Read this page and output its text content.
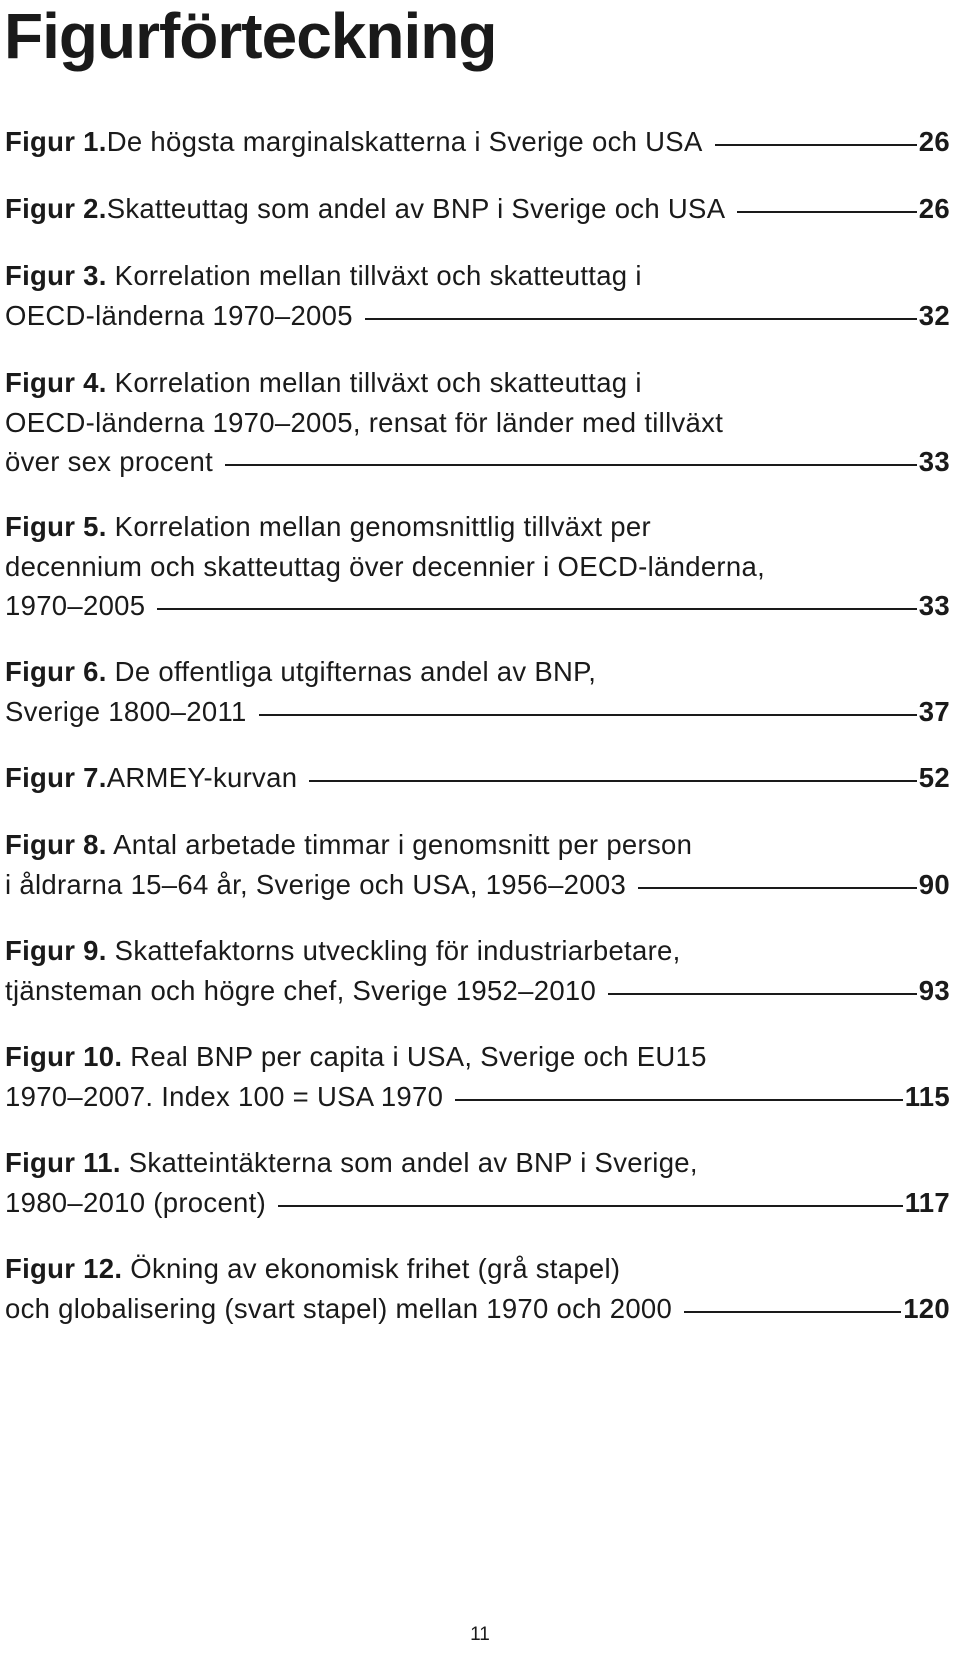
Figurförteckning
Figur 1. De högsta marginalskatterna i Sverige och USA	26
Figur 2. Skatteuttag som andel av BNP i Sverige och USA	26
Figur 3. Korrelation mellan tillväxt och skatteuttag i
OECD-länderna 1970–2005	32
Figur 4. Korrelation mellan tillväxt och skatteuttag i
OECD-länderna 1970–2005, rensat för länder med tillväxt
över sex procent	33
Figur 5. Korrelation mellan genomsnittlig tillväxt per
decennium och skatteuttag över decennier i OECD-länderna,
1970–2005	33
Figur 6. De offentliga utgifternas andel av BNP,
Sverige 1800–2011	37
Figur 7. ARMEY-kurvan	52
Figur 8. Antal arbetade timmar i genomsnitt per person
i åldrarna 15–64 år, Sverige och USA, 1956–2003	90
Figur 9. Skattefaktorns utveckling för industriarbetare,
tjänsteman och högre chef, Sverige 1952–2010	93
Figur 10. Real BNP per capita i USA, Sverige och EU15
1970–2007. Index 100 = USA 1970	115
Figur 11. Skatteintäkterna som andel av BNP i Sverige,
1980–2010 (procent)	117
Figur 12. Ökning av ekonomisk frihet (grå stapel)
och globalisering (svart stapel) mellan 1970 och 2000	120
11
